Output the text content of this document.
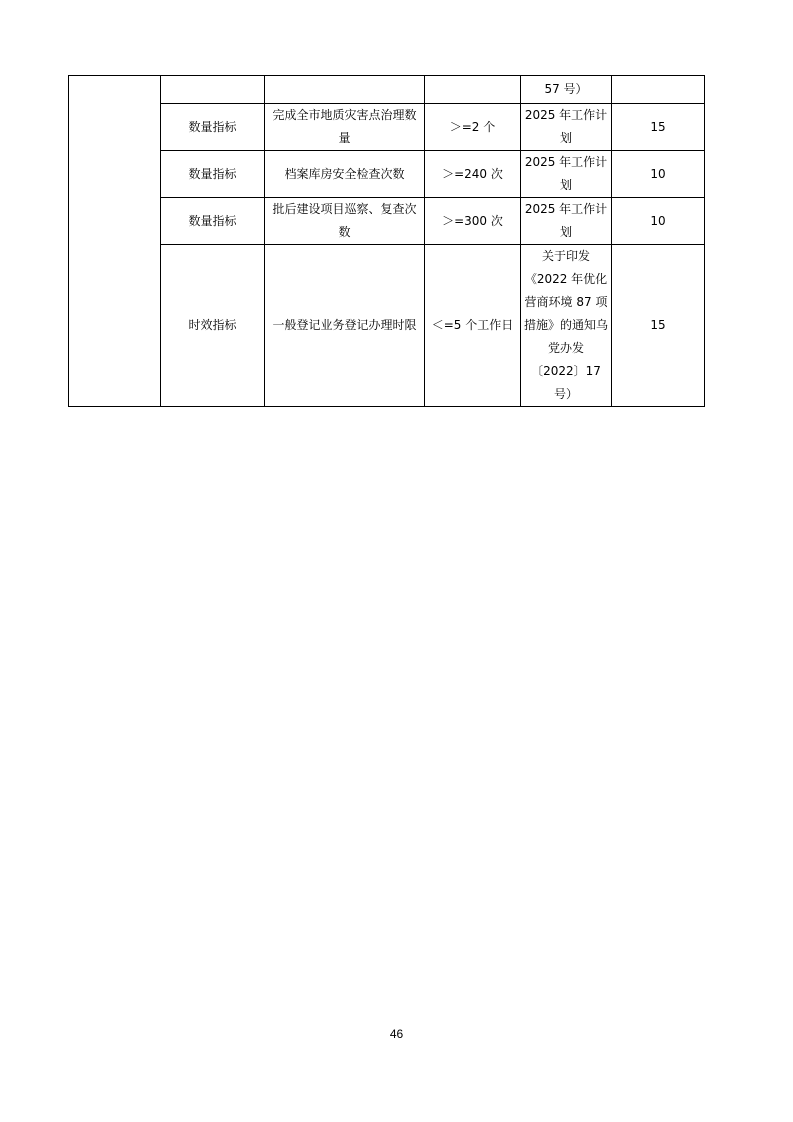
				57 号）	

	数量指标	完成全市地质灾害点治理数量	＞=2 个	2025 年工作计划	15

	数量指标	档案库房安全检查次数	＞=240 次	2025 年工作计划	10

	数量指标	批后建设项目巡察、复查次数	＞=300 次	2025 年工作计划	10

	时效指标	一般登记业务登记办理时限	＜=5 个工作日	关于印发《2022 年优化营商环境 87 项措施》的通知乌党办发〔2022〕17 号）	15
46
